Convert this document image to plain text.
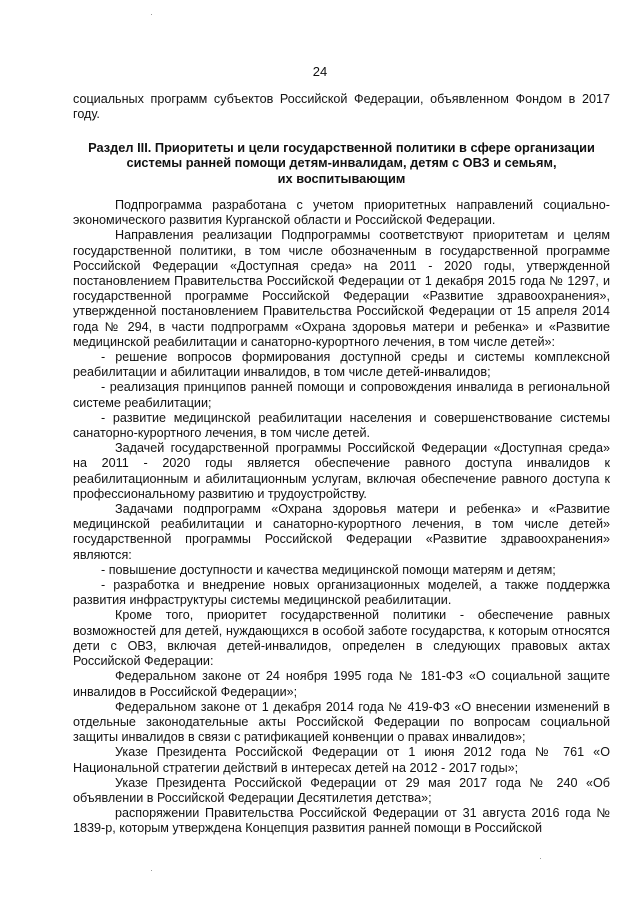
24

социальных программ субъектов Российской Федерации, объявленном Фондом в 2017 году.

Раздел III. Приоритеты и цели государственной политики в сфере организации
системы ранней помощи детям-инвалидам, детям с ОВЗ и семьям,
их воспитывающим

Подпрограмма разработана с учетом приоритетных направлений социально-экономического развития Курганской области и Российской Федерации.

Направления реализации Подпрограммы соответствуют приоритетам и целям государственной политики, в том числе обозначенным в государственной программе Российской Федерации «Доступная среда» на 2011 - 2020 годы, утвержденной постановлением Правительства Российской Федерации от 1 декабря 2015 года № 1297, и государственной программе Российской Федерации «Развитие здравоохранения», утвержденной постановлением Правительства Российской Федерации от 15 апреля 2014 года № 294, в части подпрограмм «Охрана здоровья матери и ребенка» и «Развитие медицинской реабилитации и санаторно-курортного лечения, в том числе детей»:

- решение вопросов формирования доступной среды и системы комплексной реабилитации и абилитации инвалидов, в том числе детей-инвалидов;

- реализация принципов ранней помощи и сопровождения инвалида в региональной системе реабилитации;

- развитие медицинской реабилитации населения и совершенствование системы санаторно-курортного лечения, в том числе детей.

Задачей государственной программы Российской Федерации «Доступная среда» на 2011 - 2020 годы является обеспечение равного доступа инвалидов к реабилитационным и абилитационным услугам, включая обеспечение равного доступа к профессиональному развитию и трудоустройству.

Задачами подпрограмм «Охрана здоровья матери и ребенка» и «Развитие медицинской реабилитации и санаторно-курортного лечения, в том числе детей» государственной программы Российской Федерации «Развитие здравоохранения» являются:

- повышение доступности и качества медицинской помощи матерям и детям;

- разработка и внедрение новых организационных моделей, а также поддержка развития инфраструктуры системы медицинской реабилитации.

Кроме того, приоритет государственной политики - обеспечение равных возможностей для детей, нуждающихся в особой заботе государства, к которым относятся дети с ОВЗ, включая детей-инвалидов, определен в следующих правовых актах Российской Федерации:

Федеральном законе от 24 ноября 1995 года № 181-ФЗ «О социальной защите инвалидов в Российской Федерации»;

Федеральном законе от 1 декабря 2014 года № 419-ФЗ «О внесении изменений в отдельные законодательные акты Российской Федерации по вопросам социальной защиты инвалидов в связи с ратификацией конвенции о правах инвалидов»;

Указе Президента Российской Федерации от 1 июня 2012 года № 761 «О Национальной стратегии действий в интересах детей на 2012 - 2017 годы»;

Указе Президента Российской Федерации от 29 мая 2017 года № 240 «Об объявлении в Российской Федерации Десятилетия детства»;

распоряжении Правительства Российской Федерации от 31 августа 2016 года № 1839-р, которым утверждена Концепция развития ранней помощи в Российской
